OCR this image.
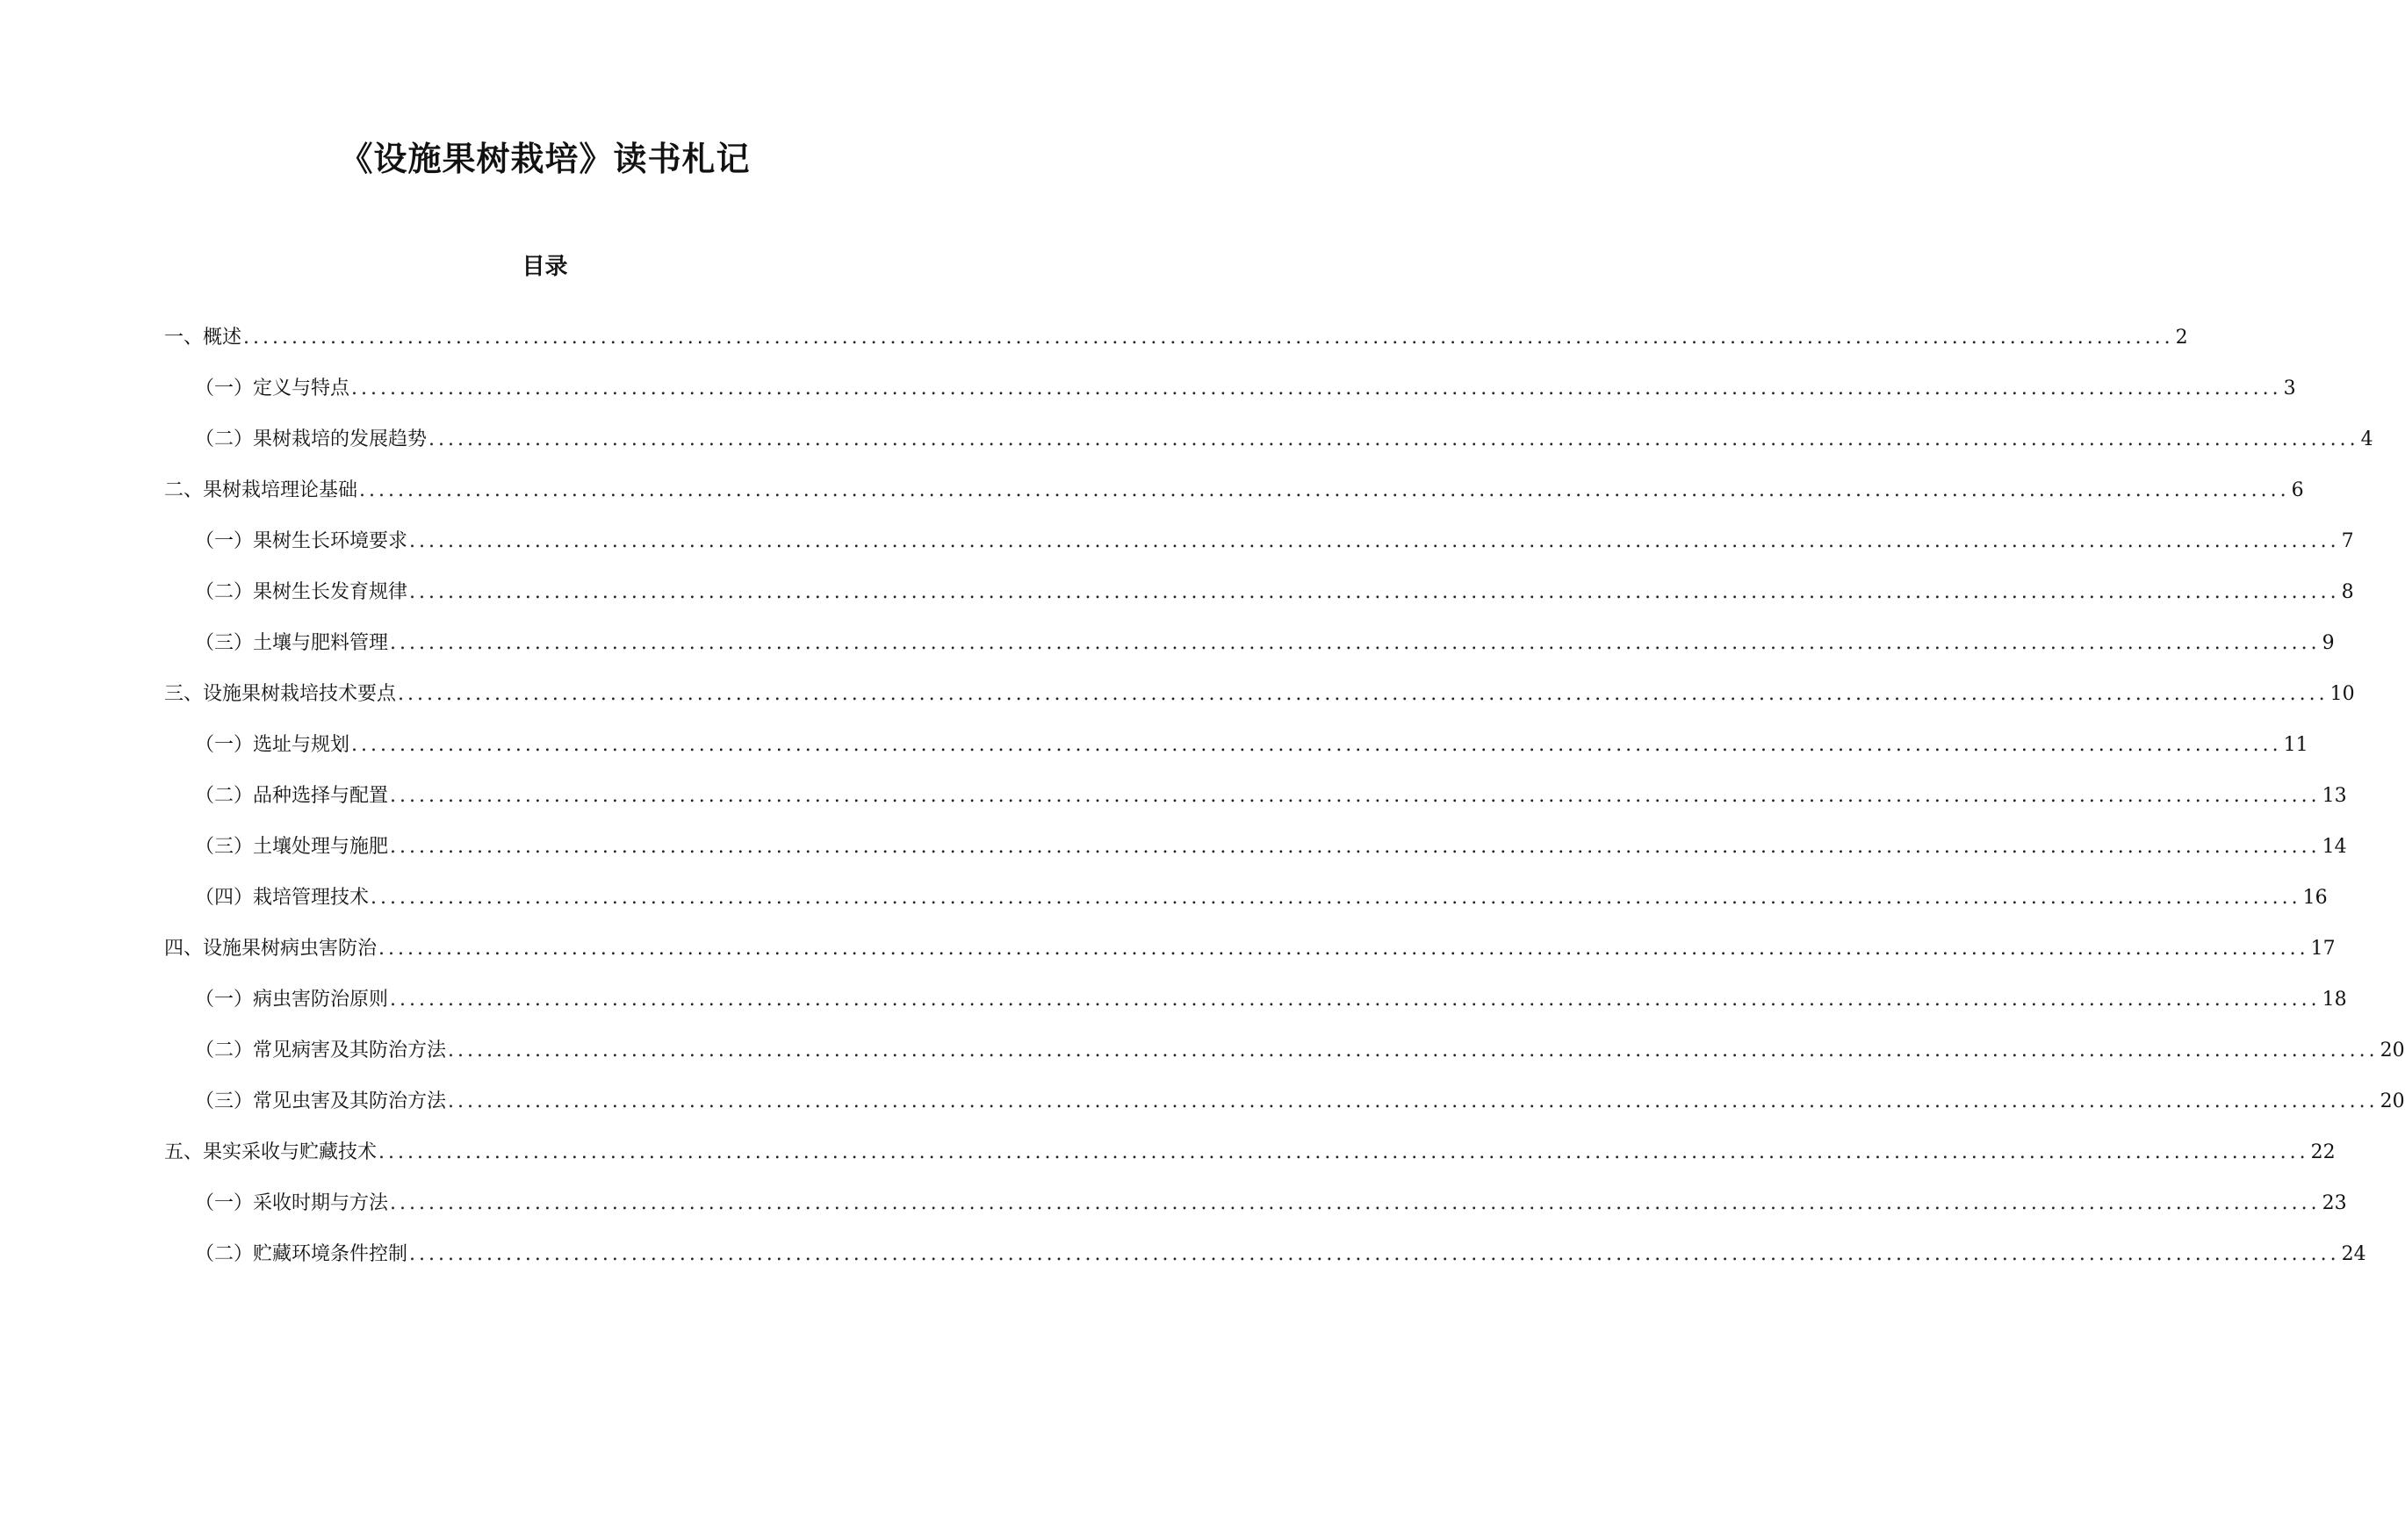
《设施果树栽培》读书札记
目录
一、概述 ........................................................................................................................................................................................................ 2
（一）定义与特点 ........................................................................................................................................................................................................ 3
（二）果树栽培的发展趋势 ........................................................................................................................................................................................................ 4
二、果树栽培理论基础 ........................................................................................................................................................................................................ 6
（一）果树生长环境要求 ........................................................................................................................................................................................................ 7
（二）果树生长发育规律 ........................................................................................................................................................................................................ 8
（三）土壤与肥料管理 ........................................................................................................................................................................................................ 9
三、设施果树栽培技术要点 ........................................................................................................................................................................................................ 10
（一）选址与规划 ........................................................................................................................................................................................................ 11
（二）品种选择与配置 ........................................................................................................................................................................................................ 13
（三）土壤处理与施肥 ........................................................................................................................................................................................................ 14
（四）栽培管理技术 ........................................................................................................................................................................................................ 16
四、设施果树病虫害防治 ........................................................................................................................................................................................................ 17
（一）病虫害防治原则 ........................................................................................................................................................................................................ 18
（二）常见病害及其防治方法 ........................................................................................................................................................................................................ 20
（三）常见虫害及其防治方法 ........................................................................................................................................................................................................ 20
五、果实采收与贮藏技术 ........................................................................................................................................................................................................ 22
（一）采收时期与方法 ........................................................................................................................................................................................................ 23
（二）贮藏环境条件控制 ........................................................................................................................................................................................................ 24
